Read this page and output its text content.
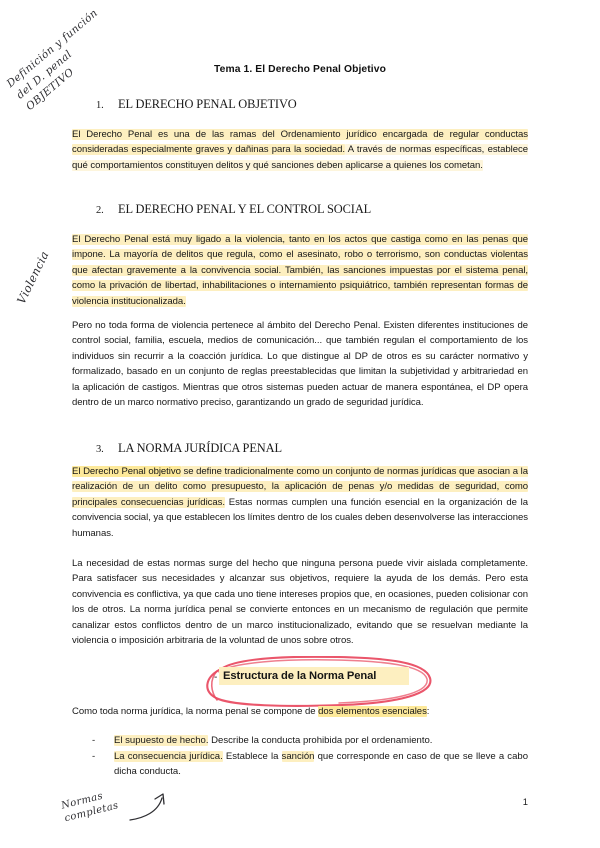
Definición y función del D. penal OBJETIVO	Tema 1. El Derecho Penal Objetivo
1. EL DERECHO PENAL OBJETIVO
El Derecho Penal es una de las ramas del Ordenamiento jurídico encargada de regular conductas consideradas especialmente graves y dañinas para la sociedad. A través de normas específicas, establece qué comportamientos constituyen delitos y qué sanciones deben aplicarse a quienes los cometan.
Violencia
2. EL DERECHO PENAL Y EL CONTROL SOCIAL
El Derecho Penal está muy ligado a la violencia, tanto en los actos que castiga como en las penas que impone. La mayoría de delitos que regula, como el asesinato, robo o terrorismo, son conductas violentas que afectan gravemente a la convivencia social. También, las sanciones impuestas por el sistema penal, como la privación de libertad, inhabilitaciones o internamiento psiquiátrico, también representan formas de violencia institucionalizada.
Pero no toda forma de violencia pertenece al ámbito del Derecho Penal. Existen diferentes instituciones de control social, familia, escuela, medios de comunicación... que también regulan el comportamiento de los individuos sin recurrir a la coacción jurídica. Lo que distingue al DP de otros es su carácter normativo y formalizado, basado en un conjunto de reglas preestablecidas que limitan la subjetividad y arbitrariedad en la aplicación de castigos. Mientras que otros sistemas pueden actuar de manera espontánea, el DP opera dentro de un marco normativo preciso, garantizando un grado de seguridad jurídica.
3. LA NORMA JURÍDICA PENAL
El Derecho Penal objetivo se define tradicionalmente como un conjunto de normas jurídicas que asocian a la realización de un delito como presupuesto, la aplicación de penas y/o medidas de seguridad, como principales consecuencias jurídicas. Estas normas cumplen una función esencial en la organización de la convivencia social, ya que establecen los límites dentro de los cuales deben desenvolverse las interacciones humanas.
La necesidad de estas normas surge del hecho que ninguna persona puede vivir aislada completamente. Para satisfacer sus necesidades y alcanzar sus objetivos, requiere la ayuda de los demás. Pero esta convivencia es conflictiva, ya que cada uno tiene intereses propios que, en ocasiones, pueden colisionar con los de otros. La norma jurídica penal se convierte entonces en un mecanismo de regulación que permite canalizar estos conflictos dentro de un marco institucionalizado, evitando que se resuelvan mediante la violencia o imposición arbitraria de la voluntad de unos sobre otros.
- Estructura de la Norma Penal
Como toda norma jurídica, la norma penal se compone de dos elementos esenciales:
- El supuesto de hecho. Describe la conducta prohibida por el ordenamiento.
- La consecuencia jurídica. Establece la sanción que corresponde en caso de que se lleve a cabo dicha conducta.
Normas completas	1
